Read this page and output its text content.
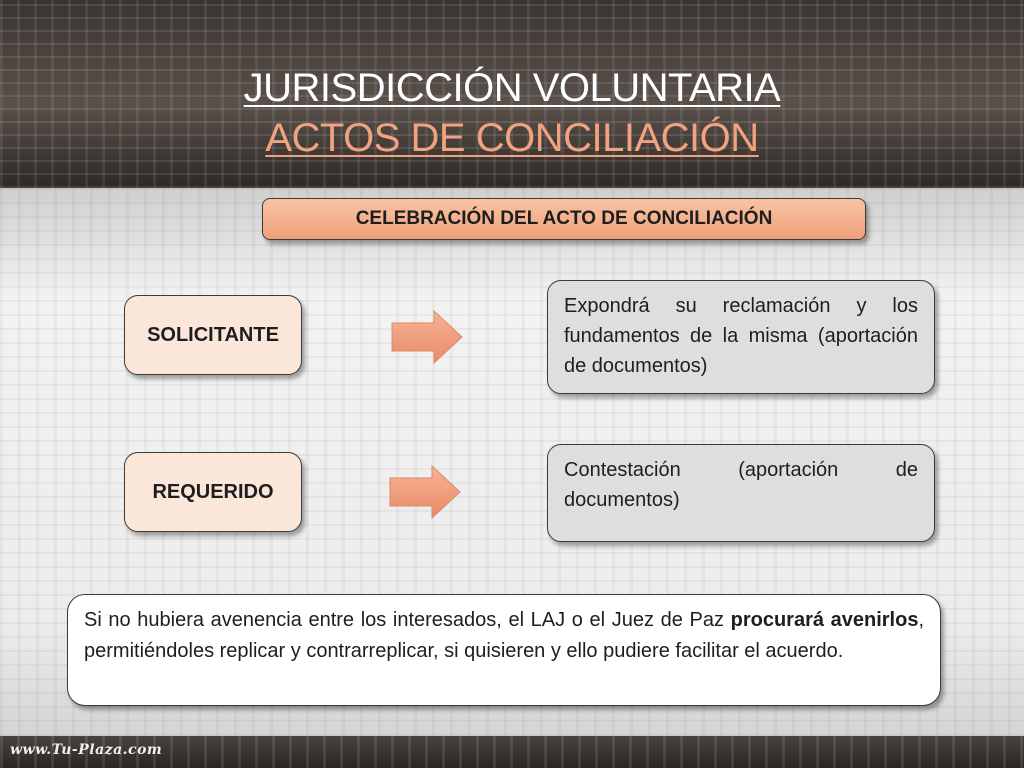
JURISDICCIÓN VOLUNTARIA
ACTOS DE CONCILIACIÓN
CELEBRACIÓN DEL ACTO DE CONCILIACIÓN
SOLICITANTE
Expondrá su reclamación y los fundamentos de la misma (aportación de documentos)
REQUERIDO
Contestación (aportación de documentos)
Si no hubiera avenencia entre los interesados, el LAJ o el Juez de Paz procurará avenirlos, permitiéndoles replicar y contrarreplicar, si quisieren y ello pudiere facilitar el acuerdo.
www.Tu-Plaza.com
